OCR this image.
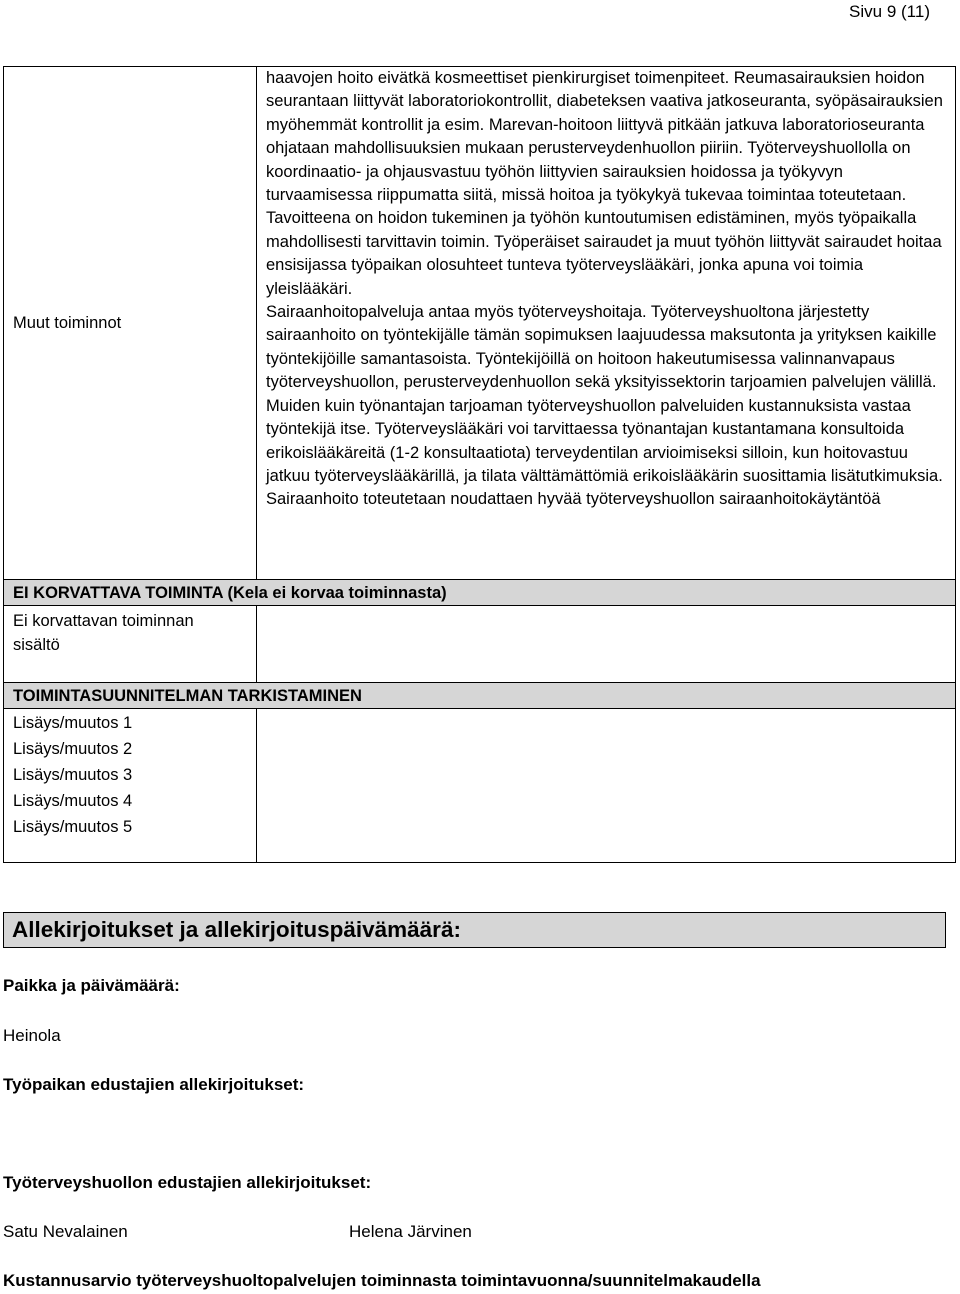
Sivu 9 (11)
Muut toiminnot

haavojen hoito eivätkä kosmeettiset pienkirurgiset toimenpiteet. Reumasairauksien hoidon seurantaan liittyvät laboratoriokontrollit, diabeteksen vaativa jatkoseuranta, syöpäsairauksien myöhemmät kontrollit ja esim. Marevan-hoitoon liittyvä pitkään jatkuva laboratorioseuranta ohjataan mahdollisuuksien mukaan perusterveydenhuollon piiriin. Työterveyshuollolla on koordinaatio- ja ohjausvastuu työhön liittyvien sairauksien hoidossa ja työkyvyn turvaamisessa riippumatta siitä, missä hoitoa ja työkykyä tukevaa toimintaa toteutetaan. Tavoitteena on hoidon tukeminen ja työhön kuntoutumisen edistäminen, myös työpaikalla mahdollisesti tarvittavin toimin. Työperäiset sairaudet ja muut työhön liittyvät sairaudet hoitaa ensisijassa työpaikan olosuhteet tunteva työterveyslääkäri, jonka apuna voi toimia yleislääkäri.

Sairaanhoitopalveluja antaa myös työterveyshoitaja. Työterveyshuoltona järjestetty sairaanhoito on työntekijälle tämän sopimuksen laajuudessa maksutonta ja yrityksen kaikille työntekijöille samantasoista. Työntekijöillä on hoitoon hakeutumisessa valinnanvapaus työterveyshuollon, perusterveydenhuollon sekä yksityissektorin tarjoamien palvelujen välillä. Muiden kuin työnantajan tarjoaman työterveyshuollon palveluiden kustannuksista vastaa työntekijä itse. Työterveyslääkäri voi tarvittaessa työnantajan kustantamana konsultoida erikoislääkäreitä (1-2 konsultaatiota) terveydentilan arvioimiseksi silloin, kun hoitovastuu jatkuu työterveyslääkärillä, ja tilata välttämättömiä erikoislääkärin suosittamia lisätutkimuksia. Sairaanhoito toteutetaan noudattaen hyvää työterveyshuollon sairaanhoitokäytäntöä

EI KORVATTAVA TOIMINTA (Kela ei korvaa toiminnasta)
Ei korvattavan toiminnan
sisältö
TOIMINTASUUNNITELMAN TARKISTAMINEN
Lisäys/muutos 1
Lisäys/muutos 2
Lisäys/muutos 3
Lisäys/muutos 4
Lisäys/muutos 5
Allekirjoitukset ja allekirjoituspäivämäärä:
Paikka ja päivämäärä:
Heinola
Työpaikan edustajien allekirjoitukset:
Työterveyshuollon edustajien allekirjoitukset:
Satu Nevalainen	Helena Järvinen
Kustannusarvio työterveyshuoltopalvelujen toiminnasta toimintavuonna/suunnitelmakaudella
